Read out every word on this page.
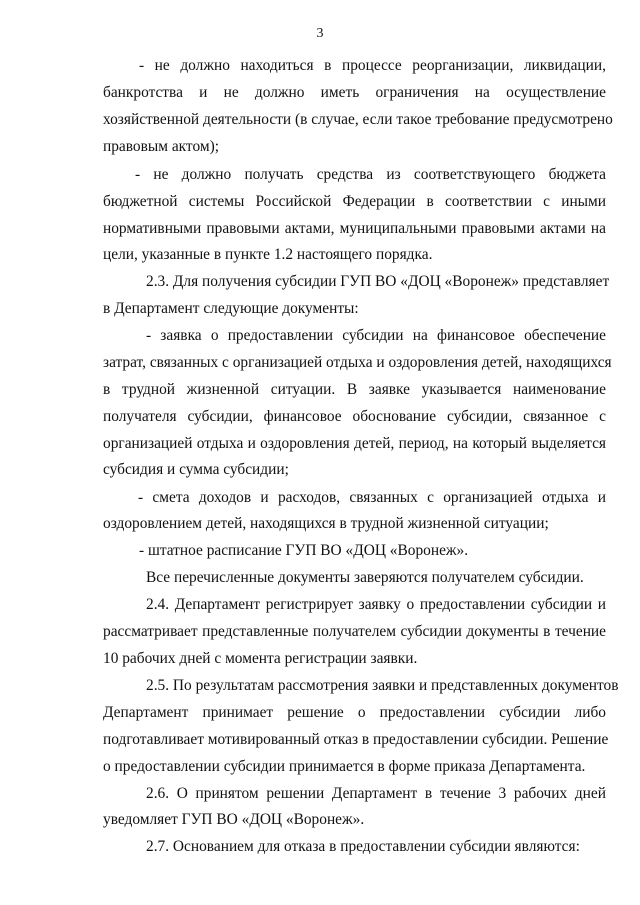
3
- не должно находиться в процессе реорганизации, ликвидации,
банкротства и не должно иметь ограничения на осуществление
хозяйственной деятельности (в случае, если такое требование предусмотрено
правовым актом);
- не должно получать средства из соответствующего бюджета
бюджетной системы Российской Федерации в соответствии с иными
нормативными правовыми актами, муниципальными правовыми актами на
цели, указанные в пункте 1.2 настоящего порядка.
2.3. Для получения субсидии ГУП ВО «ДОЦ «Воронеж» представляет
в Департамент следующие документы:
- заявка о предоставлении субсидии на финансовое обеспечение
затрат, связанных с организацией отдыха и оздоровления детей, находящихся
в трудной жизненной ситуации. В заявке указывается наименование
получателя субсидии, финансовое обоснование субсидии, связанное с
организацией отдыха и оздоровления детей, период, на который выделяется
субсидия и сумма субсидии;
- смета доходов и расходов, связанных с организацией отдыха и
оздоровлением детей, находящихся в трудной жизненной ситуации;
- штатное расписание ГУП ВО «ДОЦ «Воронеж».
Все перечисленные документы заверяются получателем субсидии.
2.4. Департамент регистрирует заявку о предоставлении субсидии и
рассматривает представленные получателем субсидии документы в течение
10 рабочих дней с момента регистрации заявки.
2.5. По результатам рассмотрения заявки и представленных документов
Департамент принимает решение о предоставлении субсидии либо
подготавливает мотивированный отказ в предоставлении субсидии. Решение
о предоставлении субсидии принимается в форме приказа Департамента.
2.6. О принятом решении Департамент в течение 3 рабочих дней
уведомляет ГУП ВО «ДОЦ «Воронеж».
2.7. Основанием для отказа в предоставлении субсидии являются:
